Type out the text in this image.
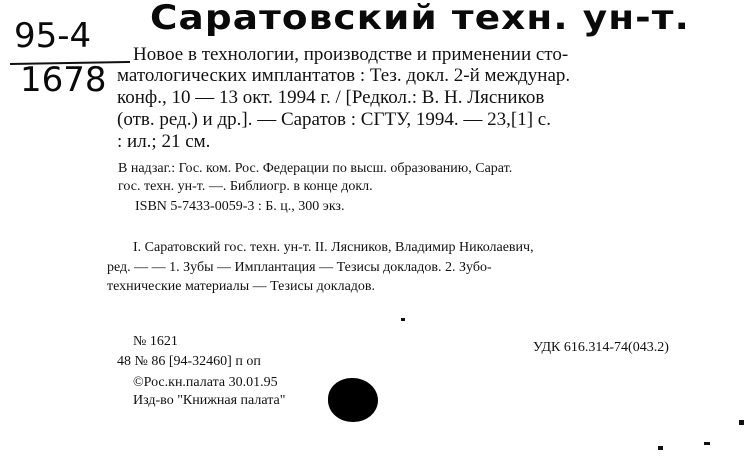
Саратовский техн. ун-т.
95-4
1678
Новое в технологии, производстве и применении сто-
матологических имплантатов : Тез. докл. 2-й междунар.
конф., 10 — 13 окт. 1994 г. / [Редкол.: В. Н. Лясников
(отв. ред.) и др.]. — Саратов : СГТУ, 1994. — 23,[1] с.
: ил.; 21 см.
В надзаг.: Гос. ком. Рос. Федерации по высш. образованию, Сарат.
гос. техн. ун-т. —. Библиогр. в конце докл.
ISBN 5-7433-0059-3 : Б. ц., 300 экз.
I. Саратовский гос. техн. ун-т. II. Лясников, Владимир Николаевич,
ред. — — 1. Зубы — Имплантация — Тезисы докладов. 2. Зубо-
технические материалы — Тезисы докладов.
№ 1621
48 № 86 [94-32460] п оп
УДК 616.314-74(043.2)
©Рос.кн.палата 30.01.95
Изд-во "Книжная палата"
